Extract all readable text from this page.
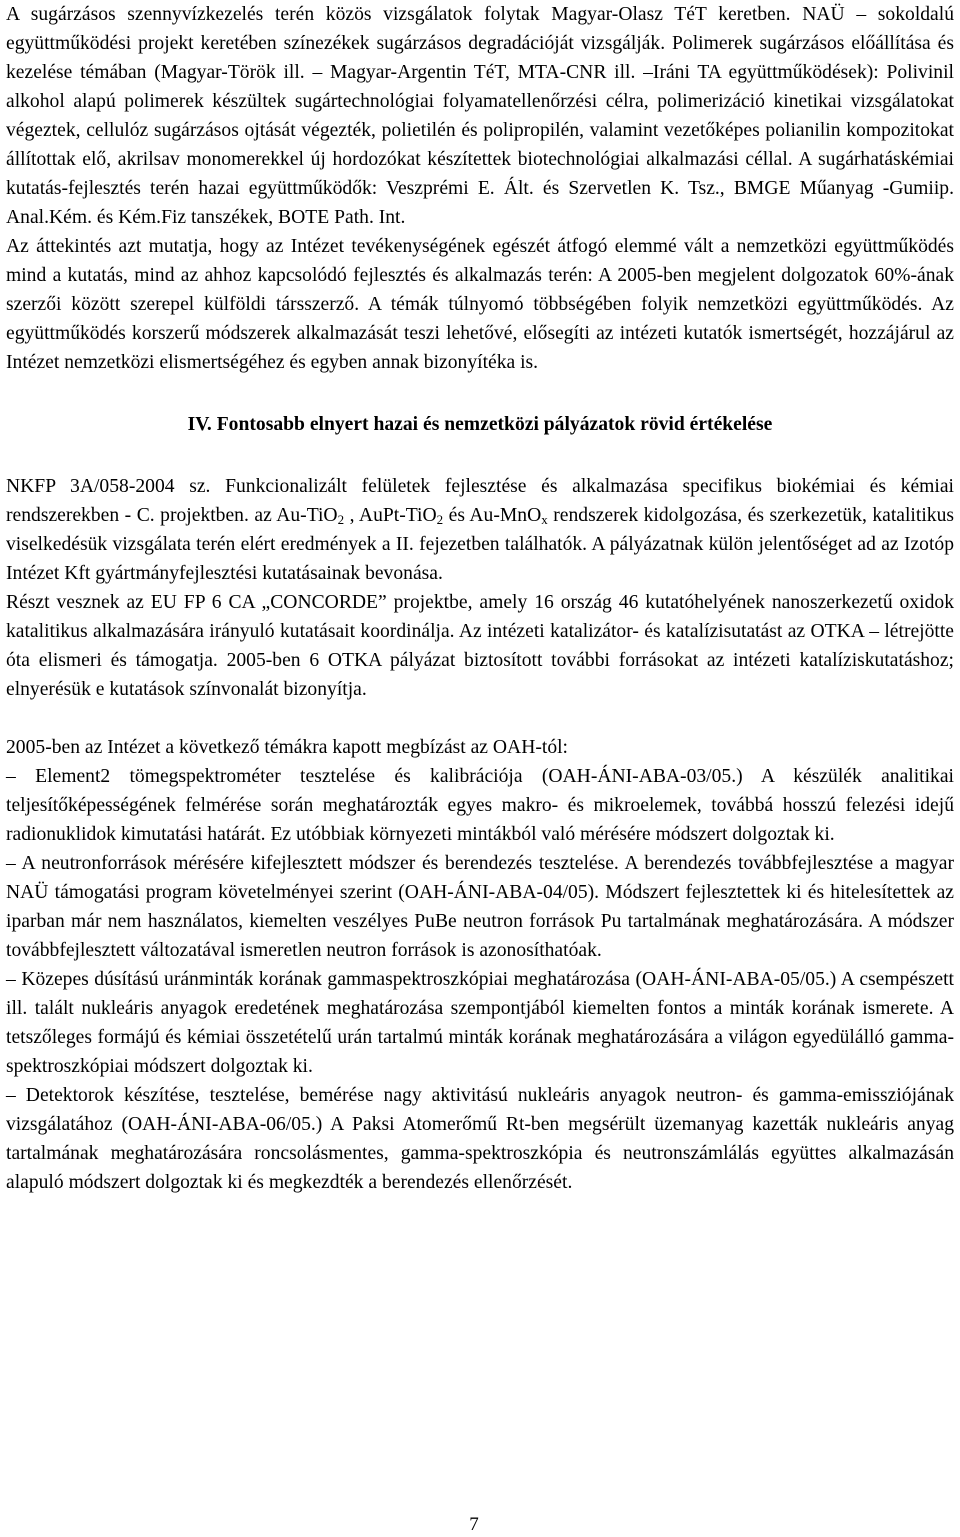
A sugárzásos szennyvízkezelés terén közös vizsgálatok folytak Magyar-Olasz TéT keretben. NAÜ – sokoldalú együttműködési projekt keretében színezékek sugárzásos degradációját vizsgálják. Polimerek sugárzásos előállítása és kezelése témában (Magyar-Török ill. – Magyar-Argentin TéT, MTA-CNR ill. –Iráni TA együttműködések): Polivinil alkohol alapú polimerek készültek sugártechnológiai folyamatellenőrzési célra, polimerizáció kinetikai vizsgálatokat végeztek, cellulóz sugárzásos ojtását végezték, polietilén és polipropilén, valamint vezetőképes polianilin kompozitokat állítottak elő, akrilsav monomerekkel új hordozókat készítettek biotechnológiai alkalmazási céllal. A sugárhatáskémiai kutatás-fejlesztés terén hazai együttműködők: Veszprémi E. Ált. és Szervetlen K. Tsz., BMGE Műanyag -Gumiip. Anal.Kém. és Kém.Fiz tanszékek, BOTE Path. Int.

Az áttekintés azt mutatja, hogy az Intézet tevékenységének egészét átfogó elemmé vált a nemzetközi együttműködés mind a kutatás, mind az ahhoz kapcsolódó fejlesztés és alkalmazás terén: A 2005-ben megjelent dolgozatok 60%-ának szerzői között szerepel külföldi társszerző. A témák túlnyomó többségében folyik nemzetközi együttműködés. Az együttműködés korszerű módszerek alkalmazását teszi lehetővé, elősegíti az intézeti kutatók ismertségét, hozzájárul az Intézet nemzetközi elismertségéhez és egyben annak bizonyítéka is.

IV. Fontosabb elnyert hazai és nemzetközi pályázatok rövid értékelése

NKFP 3A/058-2004 sz. Funkcionalizált felületek fejlesztése és alkalmazása specifikus biokémiai és kémiai rendszerekben - C. projektben. az Au-TiO$_2$ , AuPt-TiO$_2$ és Au-MnO$_x$ rendszerek kidolgozása, és szerkezetük, katalitikus viselkedésük vizsgálata terén elért eredmények a II. fejezetben találhatók. A pályázatnak külön jelentőséget ad az Izotóp Intézet Kft gyártmányfejlesztési kutatásainak bevonása.

Részt vesznek az EU FP 6 CA „CONCORDE” projektbe, amely 16 ország 46 kutatóhelyének nanoszerkezetű oxidok katalitikus alkalmazására irányuló kutatásait koordinálja. Az intézeti katalizátor- és katalízisutatást az OTKA – létrejötte óta elismeri és támogatja. 2005-ben 6 OTKA pályázat biztosított további forrásokat az intézeti katalíziskutatáshoz; elnyerésük e kutatások színvonalát bizonyítja.

2005-ben az Intézet a következő témákra kapott megbízást az OAH-tól:

– Element2 tömegspektrométer tesztelése és kalibrációja (OAH-ÁNI-ABA-03/05.) A készülék analitikai teljesítőképességének felmérése során meghatározták egyes makro- és mikroelemek, továbbá hosszú felezési idejű radionuklidok kimutatási határát. Ez utóbbiak környezeti mintákból való mérésére módszert dolgoztak ki.

– A neutronforrások mérésére kifejlesztett módszer és berendezés tesztelése. A berendezés továbbfejlesztése a magyar NAÜ támogatási program követelményei szerint (OAH-ÁNI-ABA-04/05). Módszert fejlesztettek ki és hitelesítettek az iparban már nem használatos, kiemelten veszélyes PuBe neutron források Pu tartalmának meghatározására. A módszer továbbfejlesztett változatával ismeretlen neutron források is azonosíthatóak.

– Közepes dúsítású uránminták korának gammaspektroszkópiai meghatározása (OAH-ÁNI-ABA-05/05.) A csempészett ill. talált nukleáris anyagok eredetének meghatározása szempontjából kiemelten fontos a minták korának ismerete. A tetszőleges formájú és kémiai összetételű urán tartalmú minták korának meghatározására a világon egyedülálló gamma-spektroszkópiai módszert dolgoztak ki.

– Detektorok készítése, tesztelése, bemérése nagy aktivitású nukleáris anyagok neutron- és gamma-emissziójának vizsgálatához (OAH-ÁNI-ABA-06/05.) A Paksi Atomerőmű Rt-ben megsérült üzemanyag kazetták nukleáris anyag tartalmának meghatározására roncsolásmentes, gamma-spektroszkópia és neutronszámlálás együttes alkalmazásán alapuló módszert dolgoztak ki és megkezdték a berendezés ellenőrzését.

7
